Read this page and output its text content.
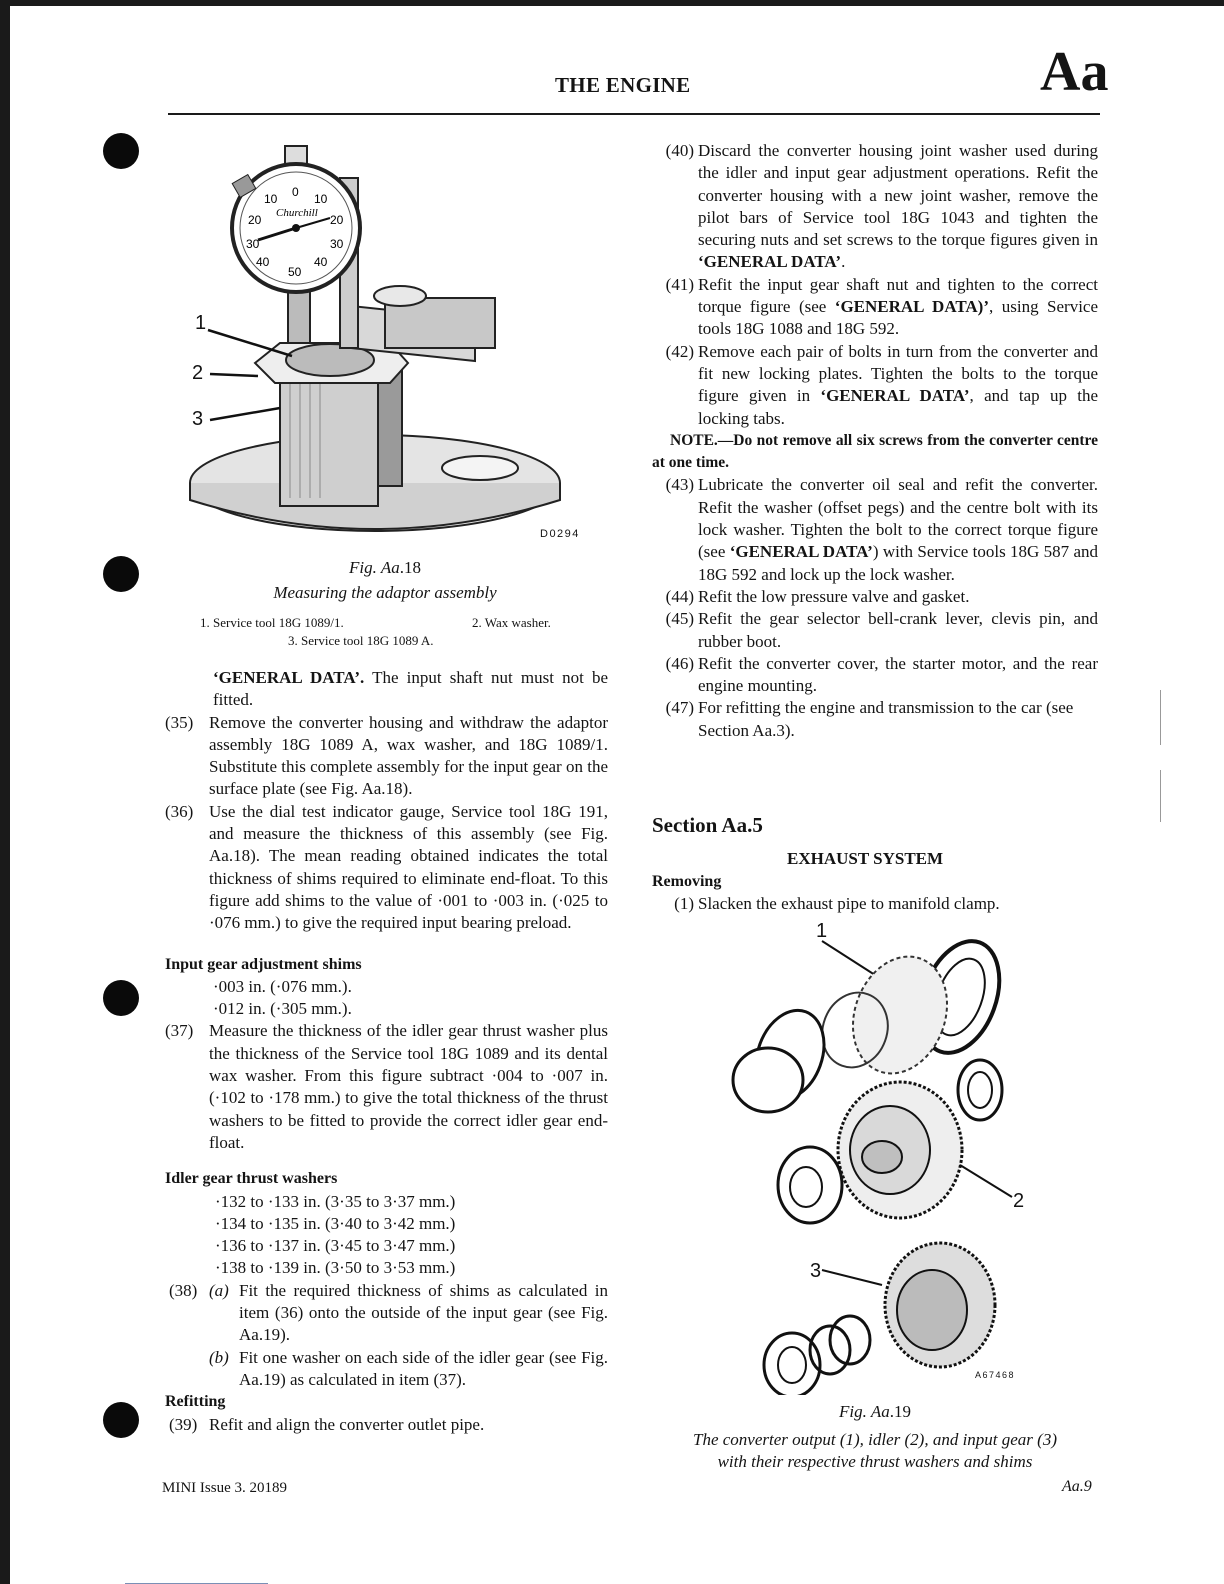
THE ENGINE	Aa
10 0 10
20	20
30	30
40
50
40
Churchill
1
2
3
D0294
Fig. Aa.18
Measuring the adaptor assembly
1. Service tool 18G 1089/1.	2. Wax washer.
3. Service tool 18G 1089 A.
‘GENERAL DATA’. The input shaft nut must not be fitted.
(35) Remove the converter housing and withdraw the adaptor assembly 18G 1089 A, wax washer, and 18G 1089/1. Substitute this complete assembly for the input gear on the surface plate (see Fig. Aa.18).
(36) Use the dial test indicator gauge, Service tool 18G 191, and measure the thickness of this assembly (see Fig. Aa.18). The mean reading obtained indicates the total thickness of shims required to eliminate end-float. To this figure add shims to the value of ·001 to ·003 in. (·025 to ·076 mm.) to give the required input bearing preload.
Input gear adjustment shims
·003 in. (·076 mm.).
·012 in. (·305 mm.).
(37) Measure the thickness of the idler gear thrust washer plus the thickness of the Service tool 18G 1089 and its dental wax washer. From this figure subtract ·004 to ·007 in. (·102 to ·178 mm.) to give the total thickness of the thrust washers to be fitted to provide the correct idler gear end-float.
Idler gear thrust washers
·132 to ·133 in. (3·35 to 3·37 mm.)
·134 to ·135 in. (3·40 to 3·42 mm.)
·136 to ·137 in. (3·45 to 3·47 mm.)
·138 to ·139 in. (3·50 to 3·53 mm.)
(38) (a) Fit the required thickness of shims as calculated in item (36) onto the outside of the input gear (see Fig. Aa.19).
(b) Fit one washer on each side of the idler gear (see Fig. Aa.19) as calculated in item (37).
Refitting
(39) Refit and align the converter outlet pipe.
(40) Discard the converter housing joint washer used during the idler and input gear adjustment operations. Refit the converter housing with a new joint washer, remove the pilot bars of Service tool 18G 1043 and tighten the securing nuts and set screws to the torque figures given in ‘GENERAL DATA’.
(41) Refit the input gear shaft nut and tighten to the correct torque figure (see ‘GENERAL DATA)’, using Service tools 18G 1088 and 18G 592.
(42) Remove each pair of bolts in turn from the converter and fit new locking plates. Tighten the bolts to the torque figure given in ‘GENERAL DATA’, and tap up the locking tabs.
NOTE.—Do not remove all six screws from the converter centre at one time.
(43) Lubricate the converter oil seal and refit the converter. Refit the washer (offset pegs) and the centre bolt with its lock washer. Tighten the bolt to the correct torque figure (see ‘GENERAL DATA’) with Service tools 18G 587 and 18G 592 and lock up the lock washer.
(44) Refit the low pressure valve and gasket.
(45) Refit the gear selector bell-crank lever, clevis pin, and rubber boot.
(46) Refit the converter cover, the starter motor, and the rear engine mounting.
(47) For refitting the engine and transmission to the car (see Section Aa.3).
Section Aa.5
EXHAUST SYSTEM
Removing
(1) Slacken the exhaust pipe to manifold clamp.
1
2
3
A67468
Fig. Aa.19
The converter output (1), idler (2), and input gear (3)
with their respective thrust washers and shims
MINI Issue 3. 20189	Aa.9
